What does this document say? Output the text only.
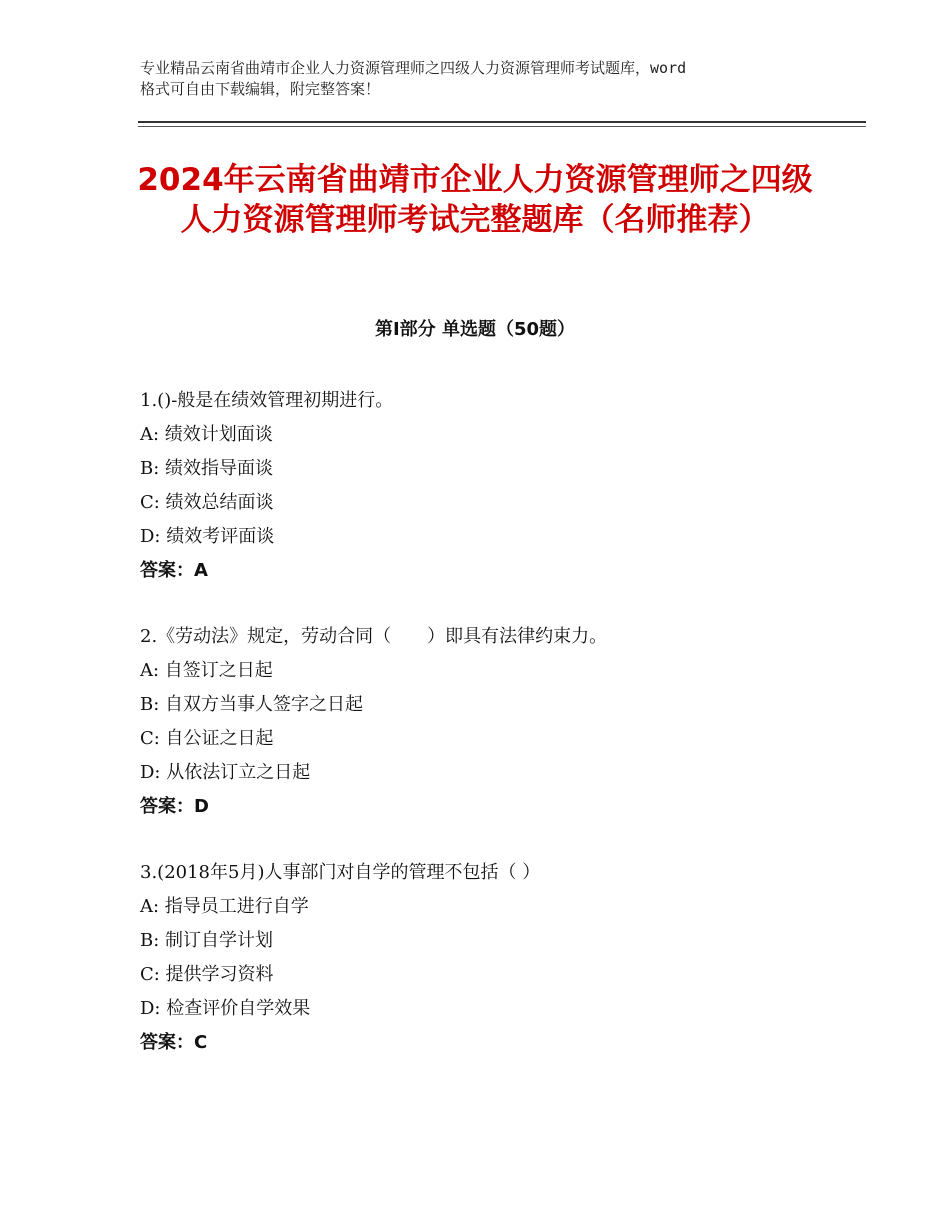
专业精品云南省曲靖市企业人力资源管理师之四级人力资源管理师考试题库，word
格式可自由下载编辑，附完整答案！
2024年云南省曲靖市企业人力资源管理师之四级人力资源管理师考试完整题库（名师推荐）
第Ⅰ部分 单选题（50题）
1.()-般是在绩效管理初期进行。
A: 绩效计划面谈
B: 绩效指导面谈
C: 绩效总结面谈
D: 绩效考评面谈
答案：A
2.《劳动法》规定，劳动合同（　　）即具有法律约束力。
A: 自签订之日起
B: 自双方当事人签字之日起
C: 自公证之日起
D: 从依法订立之日起
答案：D
3.(2018年5月)人事部门对自学的管理不包括（ ）
A: 指导员工进行自学
B: 制订自学计划
C: 提供学习资料
D: 检查评价自学效果
答案：C
